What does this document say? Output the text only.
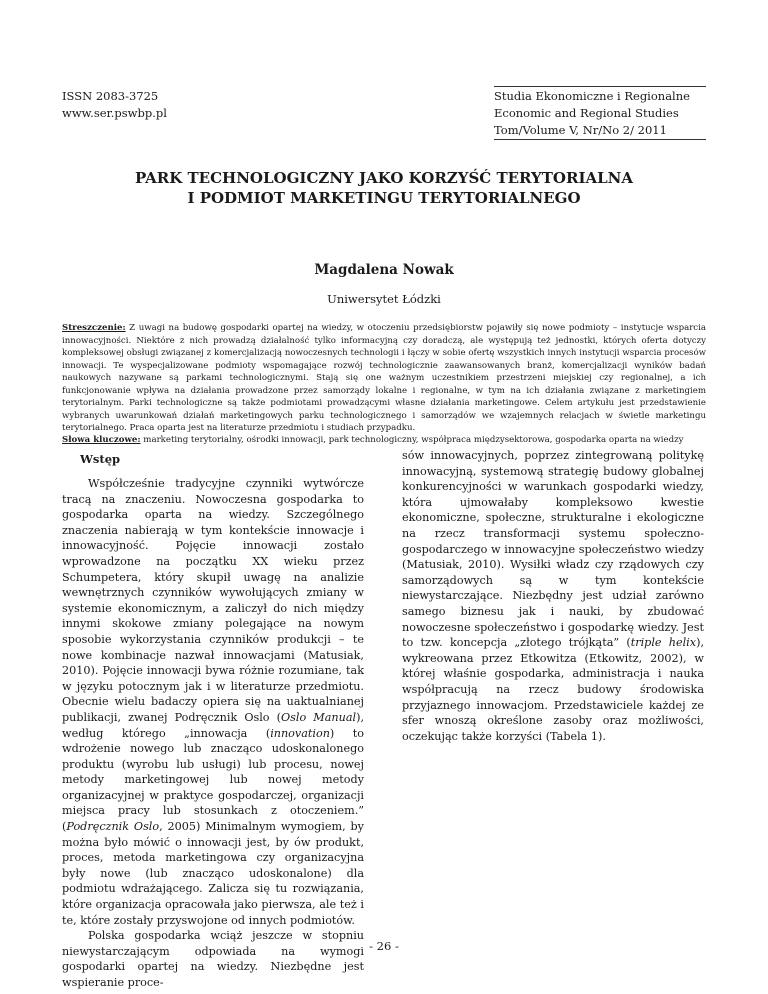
ISSN 2083-3725
www.ser.pswbp.pl
Studia Ekonomiczne i Regionalne
Economic and Regional Studies
Tom/Volume V, Nr/No 2/ 2011
PARK TECHNOLOGICZNY JAKO KORZYŚĆ TERYTORIALNA
I PODMIOT MARKETINGU TERYTORIALNEGO
Magdalena Nowak
Uniwersytet Łódzki
Streszczenie: Z uwagi na budowę gospodarki opartej na wiedzy, w otoczeniu przedsiębiorstw pojawiły się nowe podmioty – instytucje wsparcia innowacyjności. Niektóre z nich prowadzą działalność tylko informacyjną czy doradczą, ale występują też jednostki, których oferta dotyczy kompleksowej obsługi związanej z komercjalizacją nowoczesnych technologii i łączy w sobie ofertę wszystkich innych instytucji wsparcia procesów innowacji. Te wyspecjalizowane podmioty wspomagające rozwój technologicznie zaawansowanych branż, komercjalizacji wyników badań naukowych nazywane są parkami technologicznymi. Stają się one ważnym uczestnikiem przestrzeni miejskiej czy regionalnej, a ich funkcjonowanie wpływa na działania prowadzone przez samorządy lokalne i regionalne, w tym na ich działania związane z marketingiem terytorialnym. Parki technologiczne są także podmiotami prowadzącymi własne działania marketingowe. Celem artykułu jest przedstawienie wybranych uwarunkowań działań marketingowych parku technologicznego i samorządów we wzajemnych relacjach w świetle marketingu terytorialnego. Praca oparta jest na literaturze przedmiotu i studiach przypadku.
Słowa kluczowe: marketing terytorialny, ośrodki innowacji, park technologiczny, współpraca międzysektorowa, gospodarka oparta na wiedzy
Wstęp

Współcześnie tradycyjne czynniki wytwórcze tracą na znaczeniu. Nowoczesna gospodarka to gospodarka oparta na wiedzy. Szczególnego znaczenia nabierają w tym kontekście innowacje i innowacyjność. Pojęcie innowacji zostało wprowadzone na początku XX wieku przez Schumpetera, który skupił uwagę na analizie wewnętrznych czynników wywołujących zmiany w systemie ekonomicznym, a zaliczył do nich między innymi skokowe zmiany polegające na nowym sposobie wykorzystania czynników produkcji – te nowe kombinacje nazwał innowacjami (Matusiak, 2010). Pojęcie innowacji bywa różnie rozumiane, tak w języku potocznym jak i w literaturze przedmiotu. Obecnie wielu badaczy opiera się na uaktualnianej publikacji, zwanej Podręcznik Oslo (Oslo Manual), według którego „innowacja (innovation) to wdrożenie nowego lub znacząco udoskonalonego produktu (wyrobu lub usługi) lub procesu, nowej metody marketingowej lub nowej metody organizacyjnej w praktyce gospodarczej, organizacji miejsca pracy lub stosunkach z otoczeniem.” (Podręcznik Oslo, 2005) Minimalnym wymogiem, by można było mówić o innowacji jest, by ów produkt, proces, metoda marketingowa czy organizacyjna były nowe (lub znacząco udoskonalone) dla podmiotu wdrażającego. Zalicza się tu rozwiązania, które organizacja opracowała jako pierwsza, ale też i te, które zostały przyswojone od innych podmiotów.

Polska gospodarka wciąż jeszcze w stopniu niewystarczającym odpowiada na wymogi gospodarki opartej na wiedzy. Niezbędne jest wspieranie proce-

sów innowacyjnych, poprzez zintegrowaną politykę innowacyjną, systemową strategię budowy globalnej konkurencyjności w warunkach gospodarki wiedzy, która ujmowałaby kompleksowo kwestie ekonomiczne, społeczne, strukturalne i ekologiczne na rzecz transformacji systemu społeczno-gospodarczego w innowacyjne społeczeństwo wiedzy (Matusiak, 2010). Wysiłki władz czy rządowych czy samorządowych są w tym kontekście niewystarczające. Niezbędny jest udział zarówno samego biznesu jak i nauki, by zbudować nowoczesne społeczeństwo i gospodarkę wiedzy. Jest to tzw. koncepcja „złotego trójkąta” (triple helix), wykreowana przez Etkowitza (Etkowitz, 2002), w której właśnie gospodarka, administracja i nauka współpracują na rzecz budowy środowiska przyjaznego innowacjom. Przedstawiciele każdej ze sfer wnoszą określone zasoby oraz możliwości, oczekując także korzyści (Tabela 1).

- 26 -
